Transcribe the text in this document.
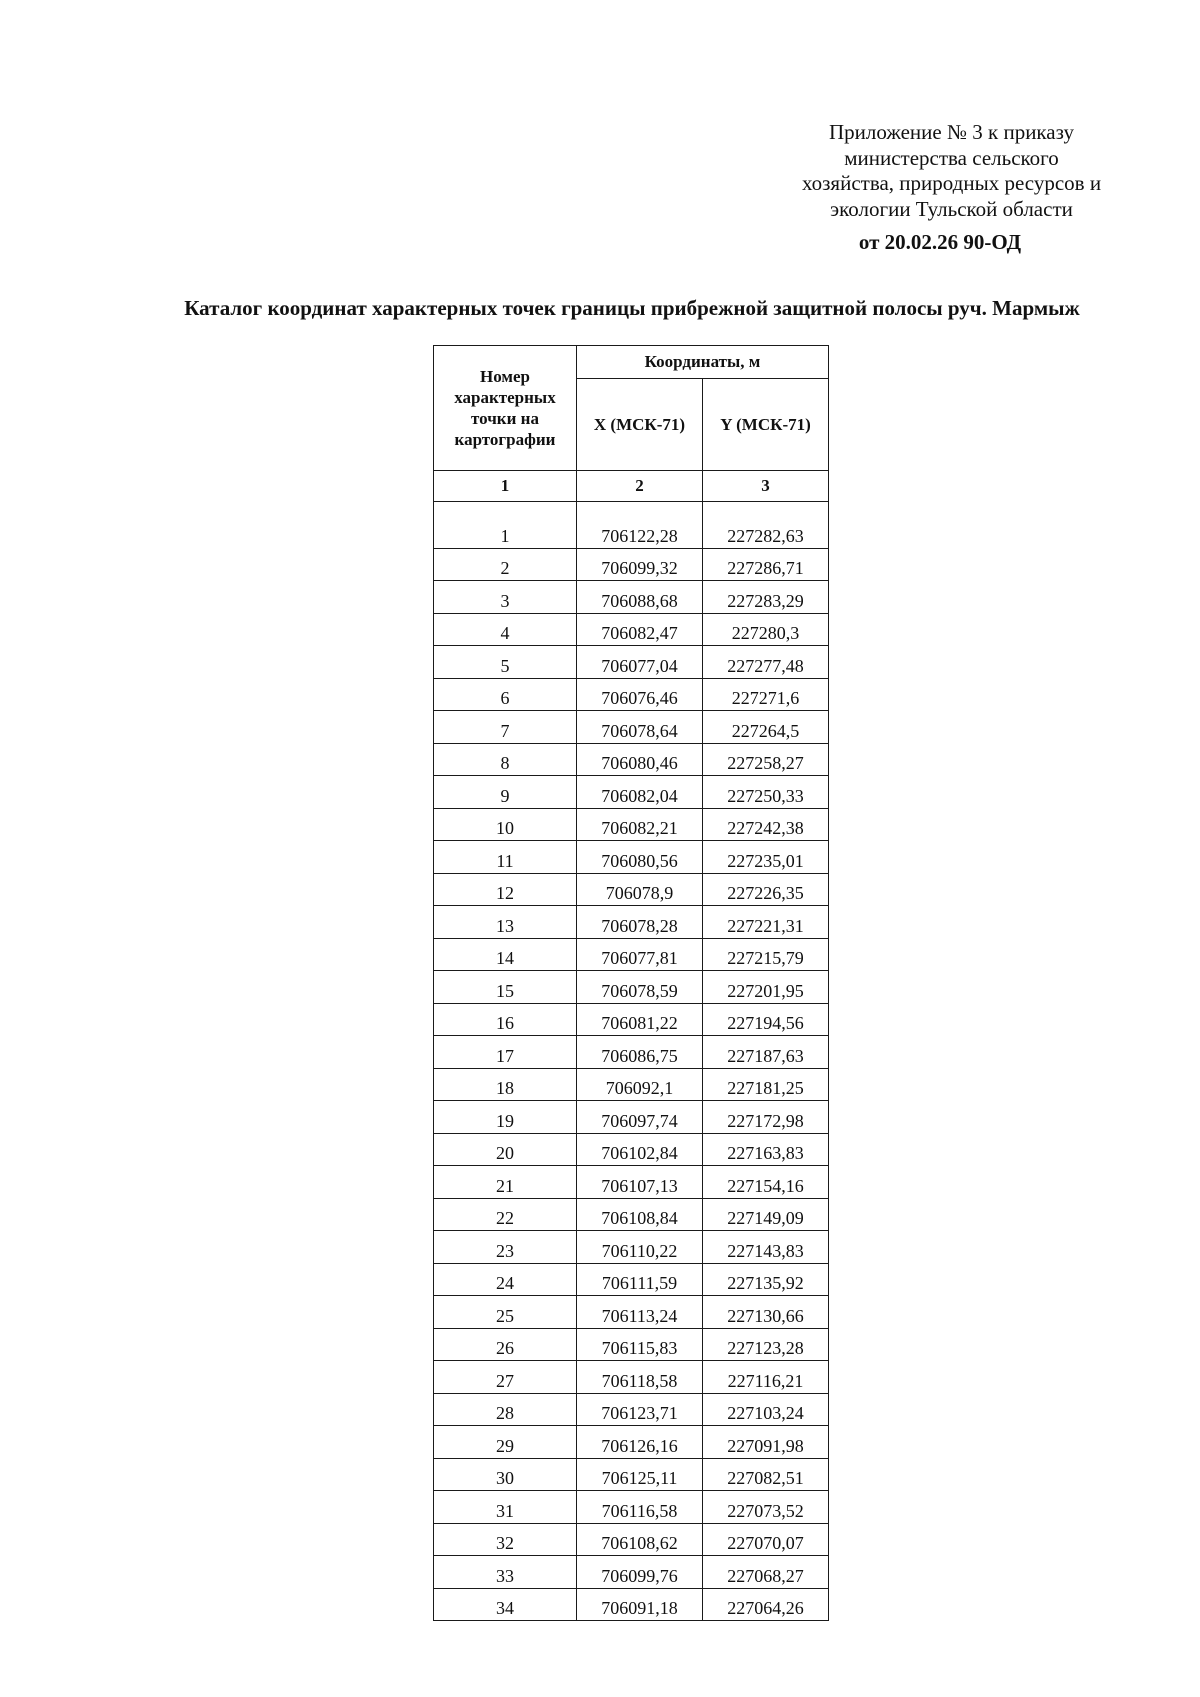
Приложение № 3 к приказу
министерства сельского
хозяйства, природных ресурсов и
экологии Тульской области
от 20.02.26 90-ОД
Каталог координат характерных точек границы прибрежной защитной полосы руч. Мармыж
Номер характерных точки на картографии	Координаты, м	
	X (МСК-71)	Y (МСК-71)
1	2	3

1	706122,28	227282,63
2	706099,32	227286,71
3	706088,68	227283,29
4	706082,47	227280,3
5	706077,04	227277,48
6	706076,46	227271,6
7	706078,64	227264,5
8	706080,46	227258,27
9	706082,04	227250,33
10	706082,21	227242,38
11	706080,56	227235,01
12	706078,9	227226,35
13	706078,28	227221,31
14	706077,81	227215,79
15	706078,59	227201,95
16	706081,22	227194,56
17	706086,75	227187,63
18	706092,1	227181,25
19	706097,74	227172,98
20	706102,84	227163,83
21	706107,13	227154,16
22	706108,84	227149,09
23	706110,22	227143,83
24	706111,59	227135,92
25	706113,24	227130,66
26	706115,83	227123,28
27	706118,58	227116,21
28	706123,71	227103,24
29	706126,16	227091,98
30	706125,11	227082,51
31	706116,58	227073,52
32	706108,62	227070,07
33	706099,76	227068,27
34	706091,18	227064,26
